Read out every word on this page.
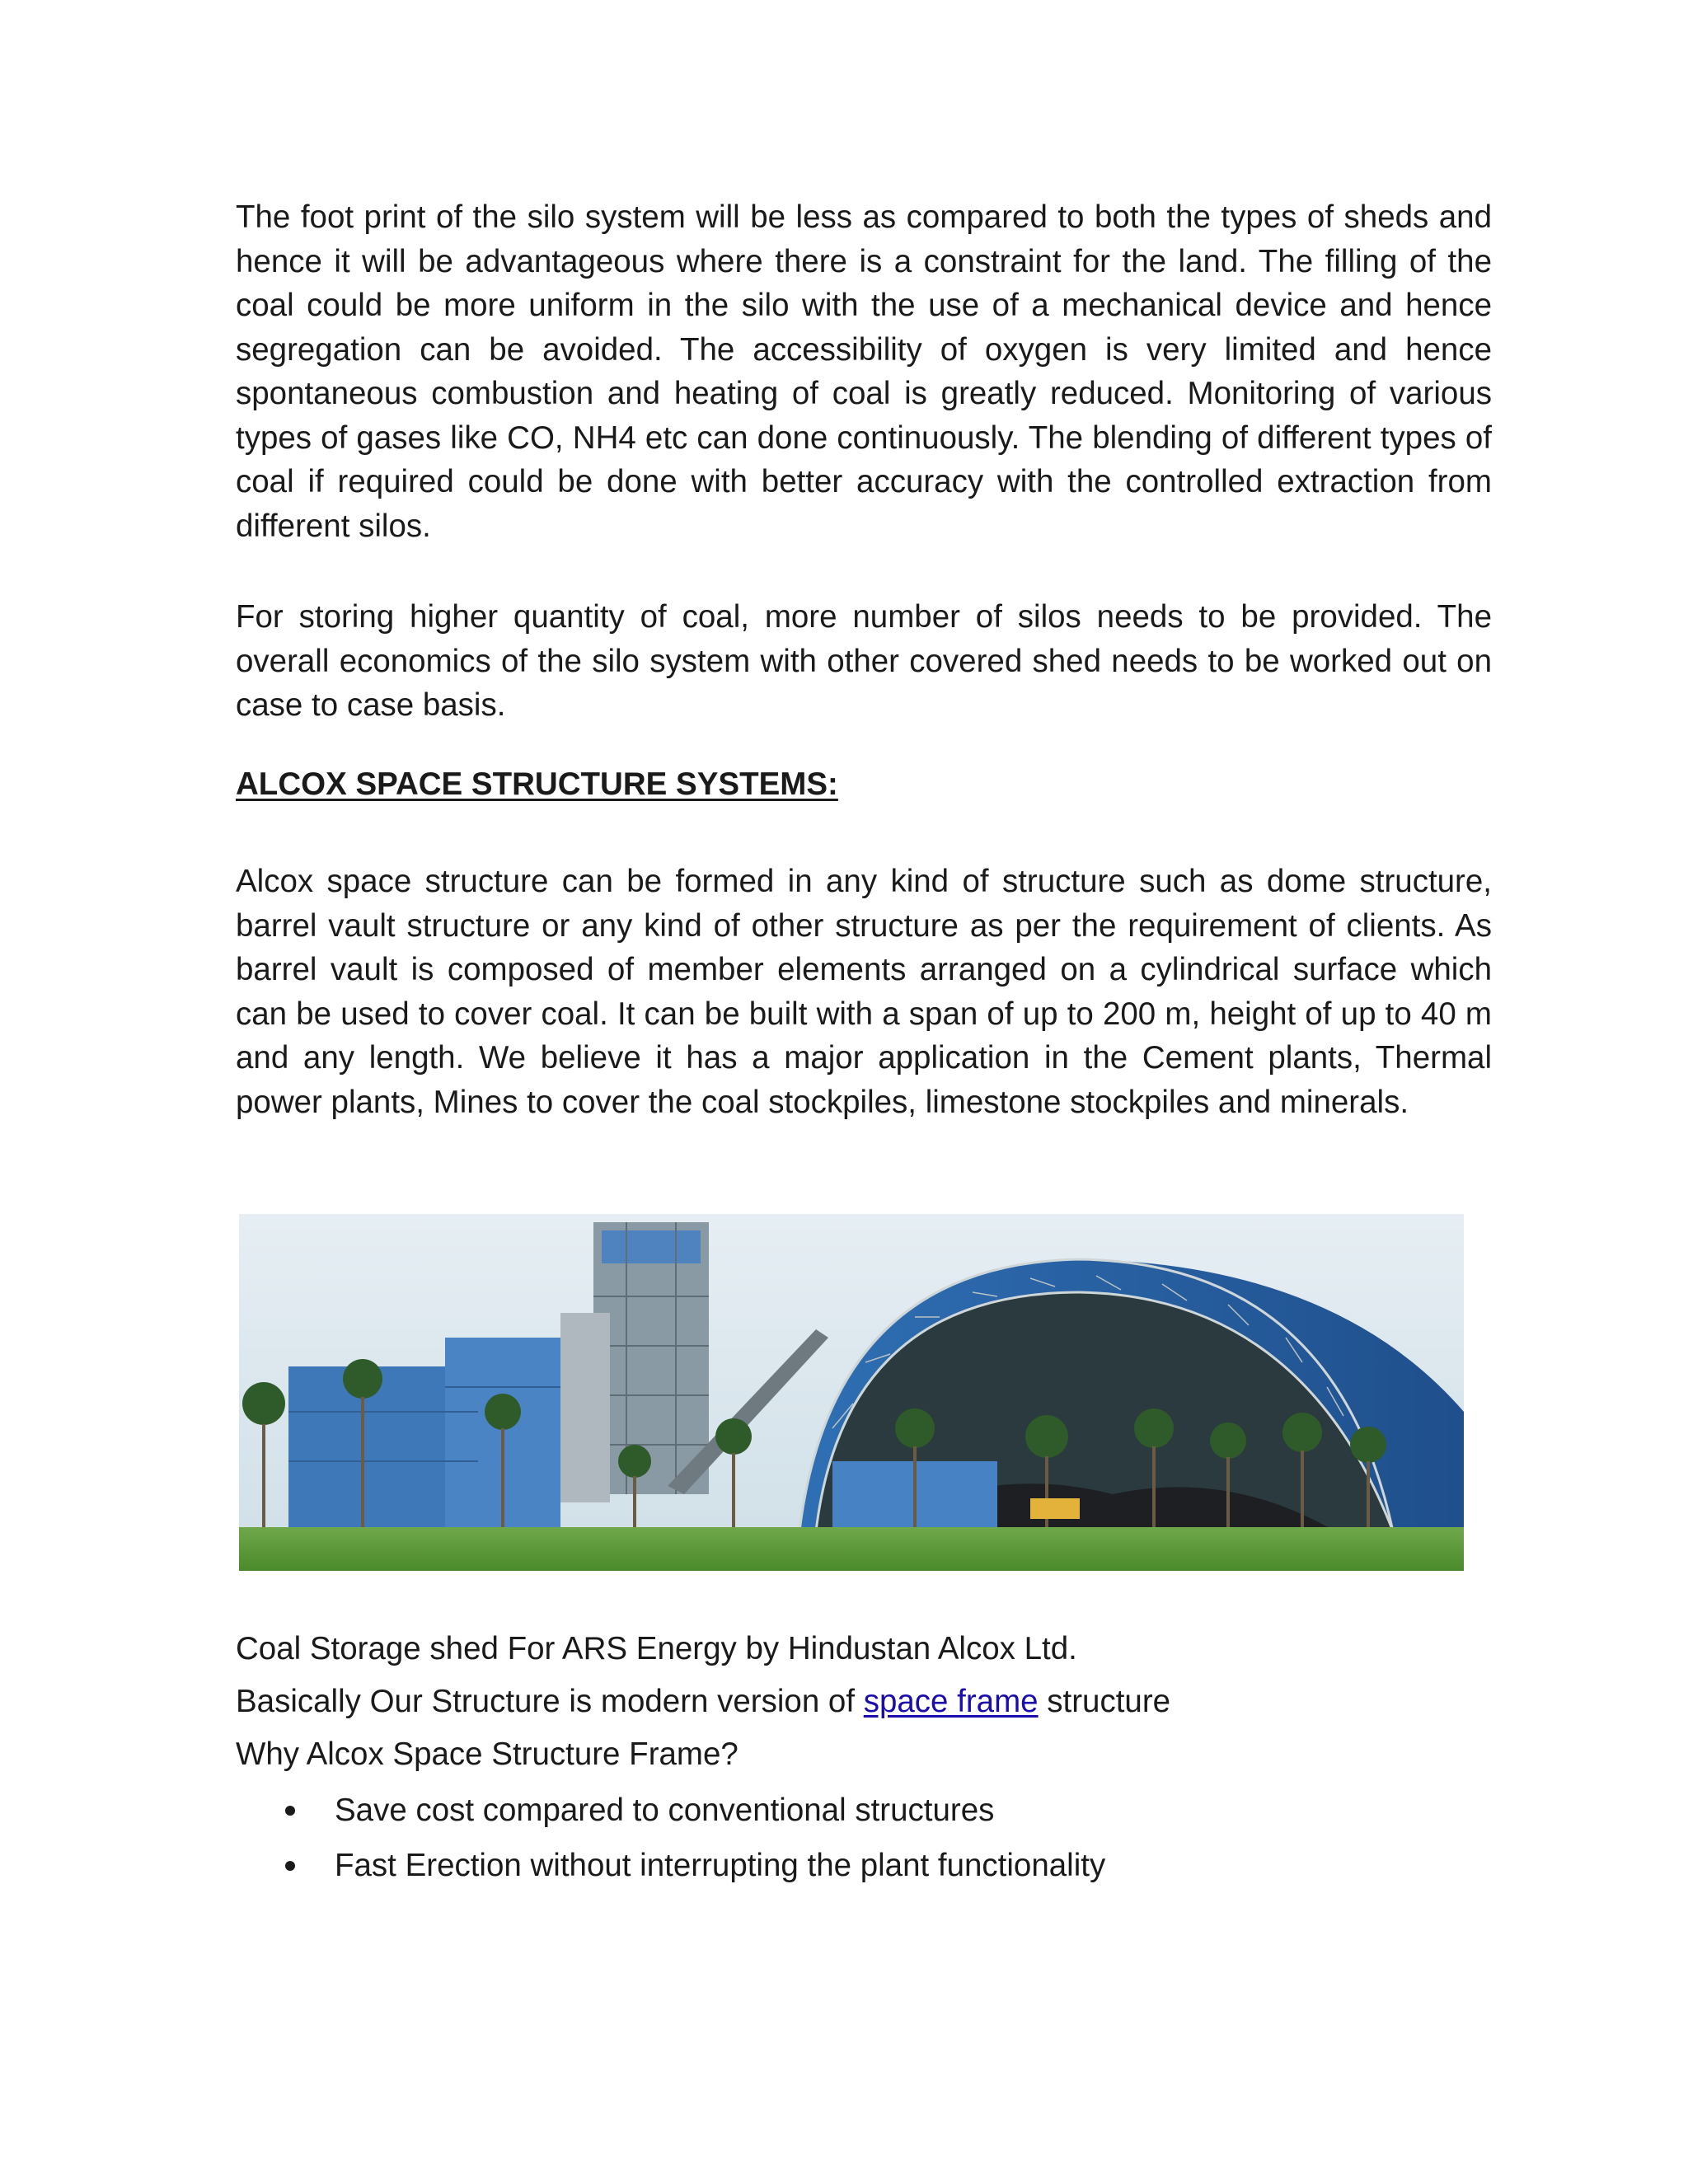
The foot print of the silo system will be less as compared to both the types of sheds and hence it will be advantageous where there is a constraint for the land. The filling of the coal could be more uniform in the silo with the use of a mechanical device and hence segregation can be avoided. The accessibility of oxygen is very limited and hence spontaneous combustion and heating of coal is greatly reduced. Monitoring of various types of gases like CO, NH4 etc can done continuously. The blending of different types of coal if required could be done with better accuracy with the controlled extraction from different silos.

For storing higher quantity of coal, more number of silos needs to be provided. The overall economics of the silo system with other covered shed needs to be worked out on case to case basis.

ALCOX SPACE STRUCTURE SYSTEMS:

Alcox space structure can be formed in any kind of structure such as dome structure, barrel vault structure or any kind of other structure as per the requirement of clients. As barrel vault is composed of member elements arranged on a cylindrical surface which can be used to cover coal. It can be built with a span of up to 200 m, height of up to 40 m and any length. We believe it has a major application in the Cement plants, Thermal power plants, Mines to cover the coal stockpiles, limestone stockpiles and minerals.

Coal Storage shed For ARS Energy by Hindustan Alcox Ltd.

Basically Our Structure is modern version of space frame structure

Why Alcox Space Structure Frame?

Save cost compared to conventional structures
Fast Erection without interrupting the plant functionality
